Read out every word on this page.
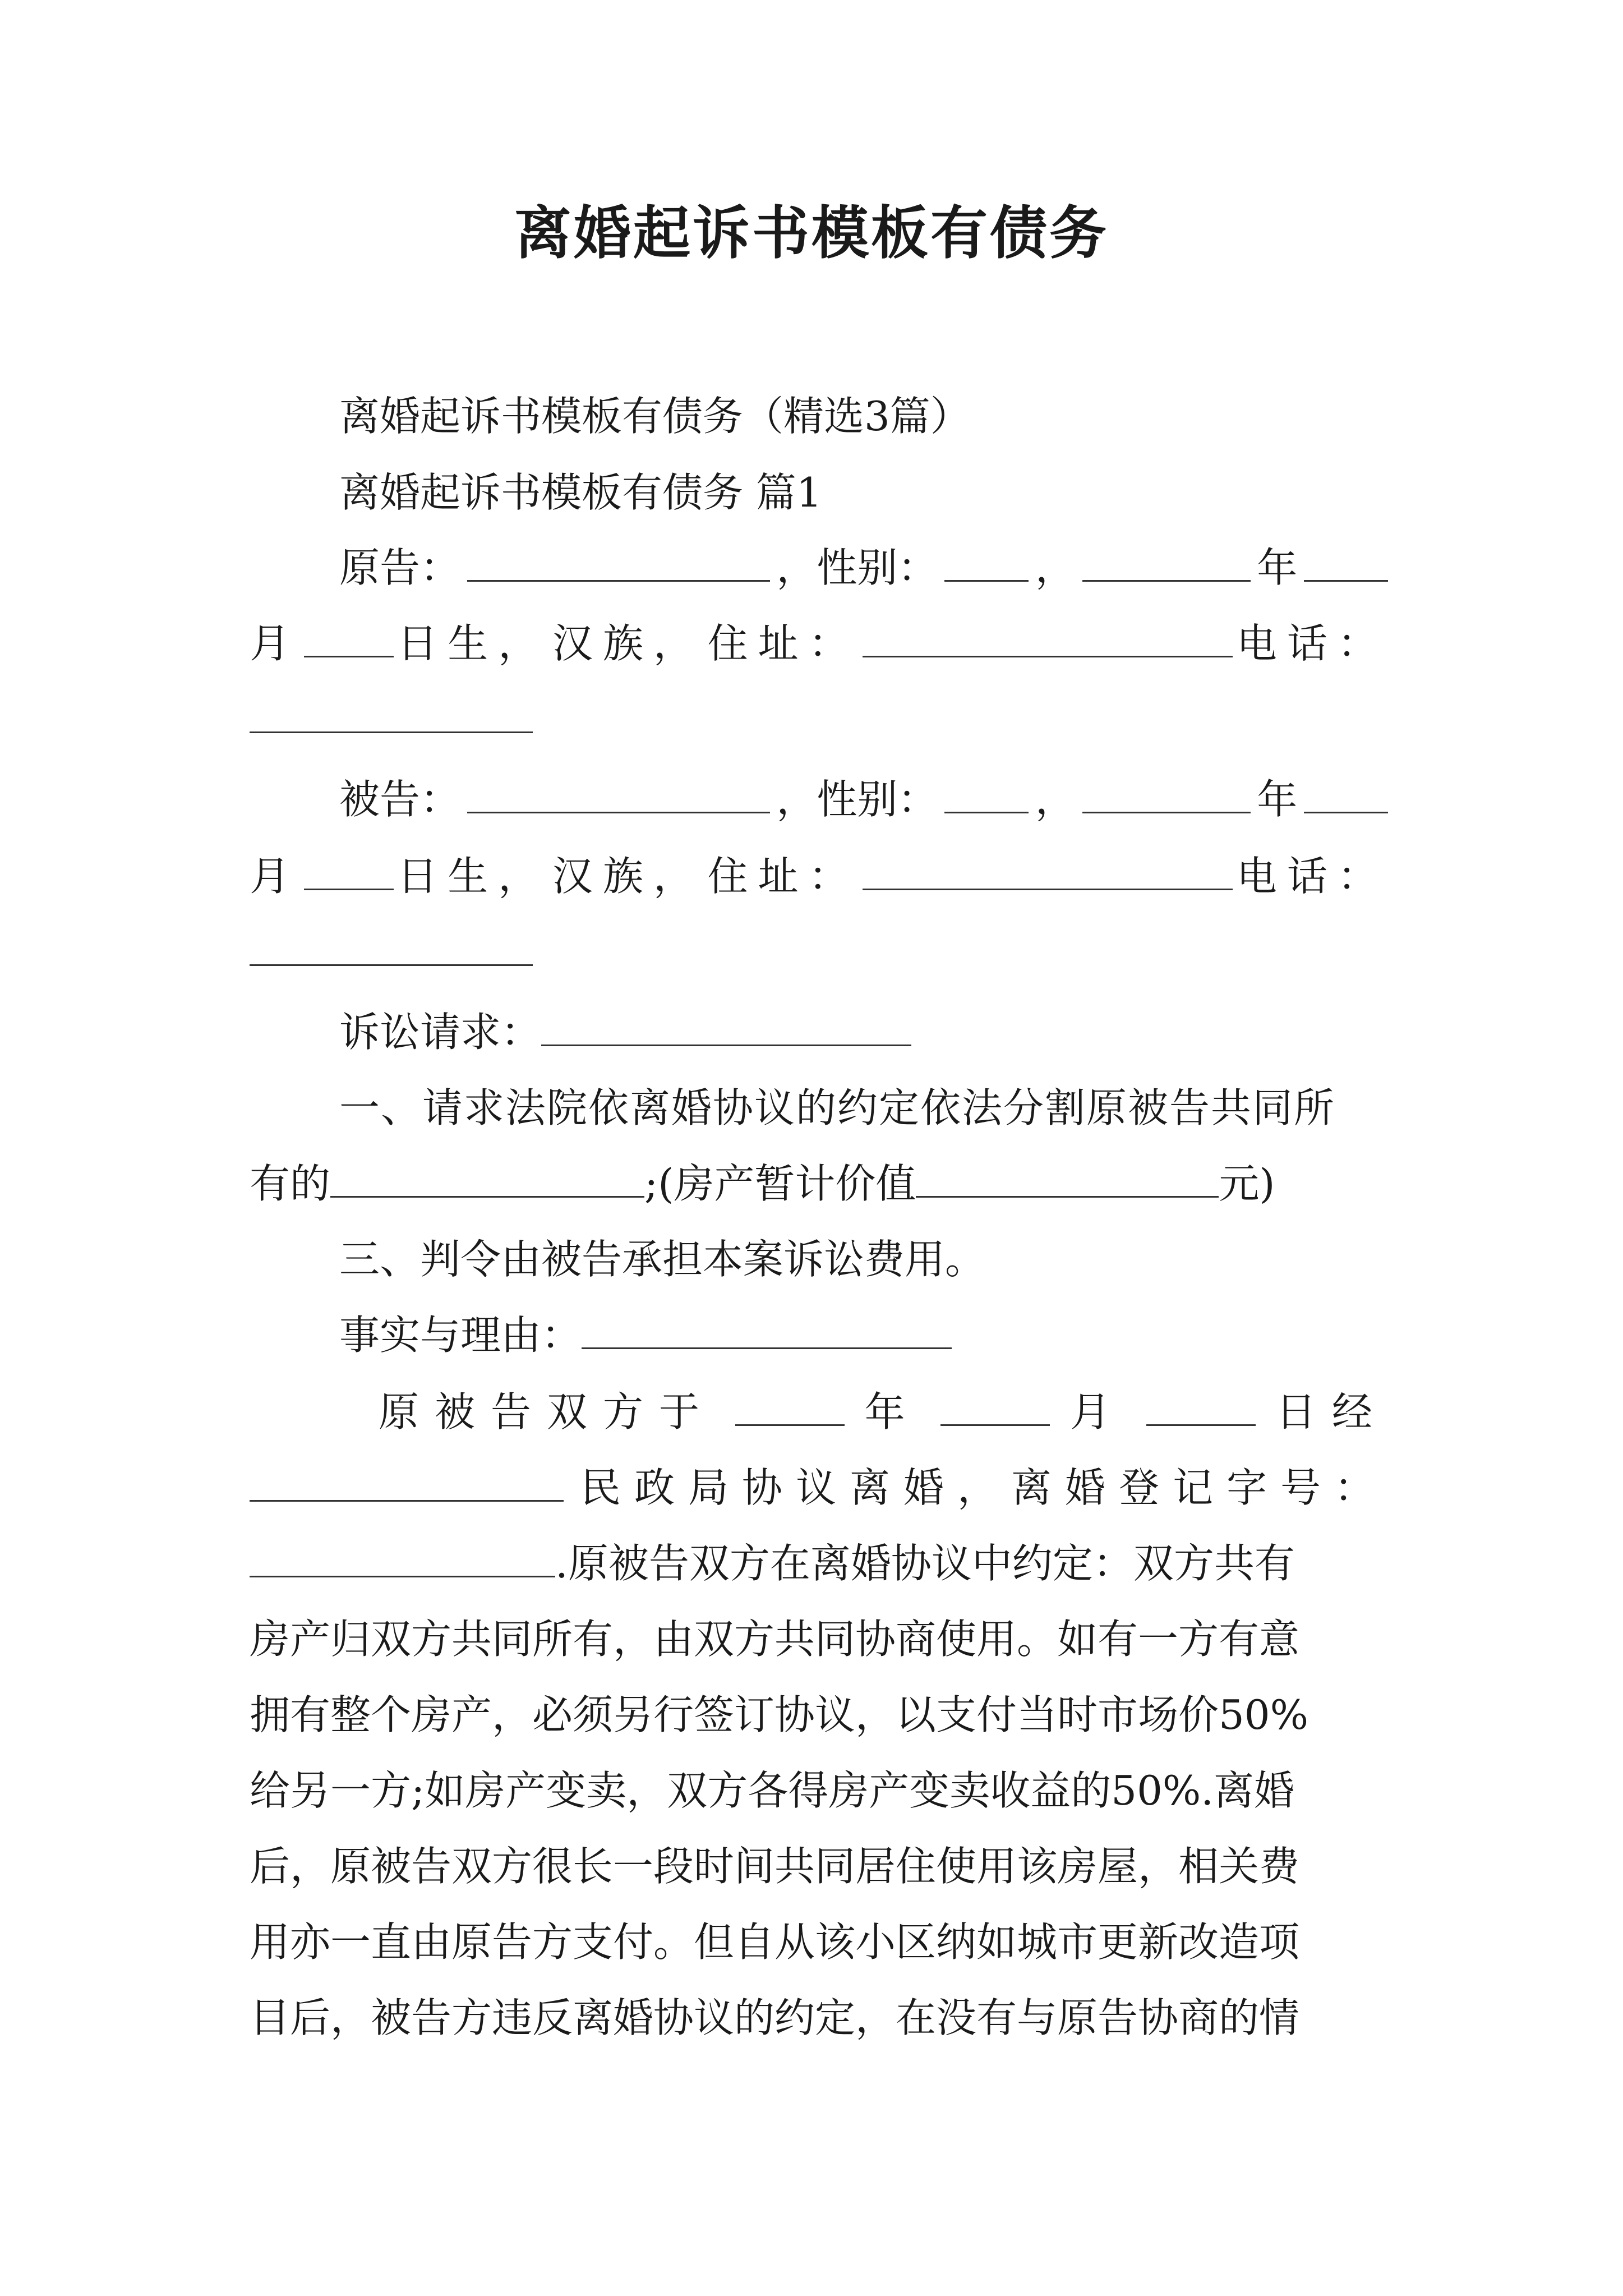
离婚起诉书模板有债务
离婚起诉书模板有债务（精选3篇）
离婚起诉书模板有债务 篇1
原告：	，性别： ，	年
月 日生， 汉族， 住址：	电话：
被告：	，性别： ，	年
月 日生， 汉族， 住址：	电话：
诉讼请求：
一、请求法院依离婚协议的约定依法分割原被告共同所
有的	;(房产暂计价值	元)
三、判令由被告承担本案诉讼费用。
事实与理由：
原被告双方于	年	月	日经
民政局协议离婚，离婚登记字号：
.原被告双方在离婚协议中约定：双方共有
房产归双方共同所有，由双方共同协商使用。如有一方有意
拥有整个房产，必须另行签订协议，以支付当时市场价50%
给另一方;如房产变卖，双方各得房产变卖收益的50%.离婚
后，原被告双方很长一段时间共同居住使用该房屋，相关费
用亦一直由原告方支付。但自从该小区纳如城市更新改造项
目后，被告方违反离婚协议的约定，在没有与原告协商的情
